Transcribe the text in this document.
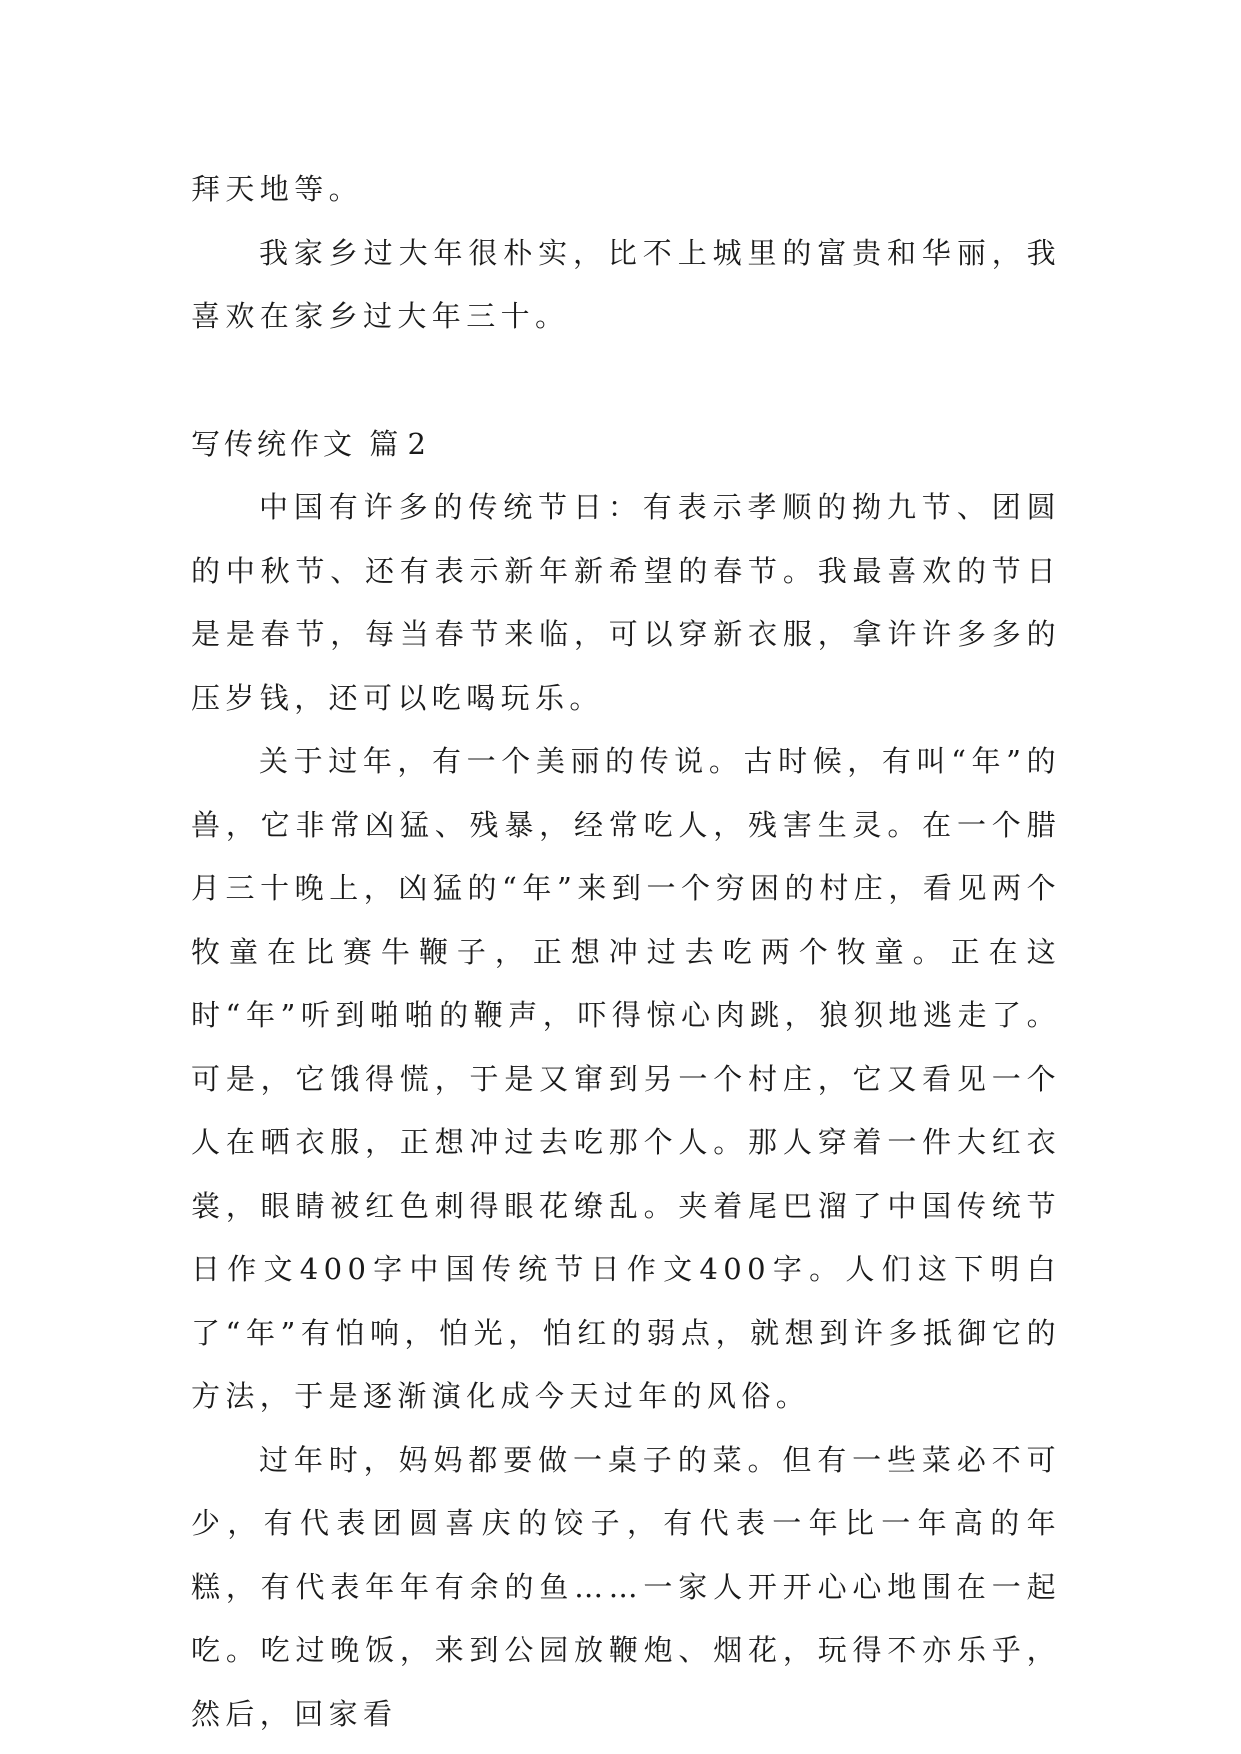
拜天地等。

我家乡过大年很朴实，比不上城里的富贵和华丽，我喜欢在家乡过大年三十。

写传统作文 篇 2

中国有许多的传统节日：有表示孝顺的拗九节、团圆的中秋节、还有表示新年新希望的春节。我最喜欢的节日是是春节，每当春节来临，可以穿新衣服，拿许许多多的压岁钱，还可以吃喝玩乐。

关于过年，有一个美丽的传说。古时候，有叫“年”的兽，它非常凶猛、残暴，经常吃人，残害生灵。在一个腊月三十晚上，凶猛的“年”来到一个穷困的村庄，看见两个牧童在比赛牛鞭子，正想冲过去吃两个牧童。正在这时“年”听到啪啪的鞭声，吓得惊心肉跳，狼狈地逃走了。可是，它饿得慌，于是又窜到另一个村庄，它又看见一个人在晒衣服，正想冲过去吃那个人。那人穿着一件大红衣裳，眼睛被红色刺得眼花缭乱。夹着尾巴溜了中国传统节日作文400字中国传统节日作文400字。人们这下明白了“年”有怕响，怕光，怕红的弱点，就想到许多抵御它的方法，于是逐渐演化成今天过年的风俗。

过年时，妈妈都要做一桌子的菜。但有一些菜必不可少，有代表团圆喜庆的饺子，有代表一年比一年高的年糕，有代表年年有余的鱼……一家人开开心心地围在一起吃。吃过晚饭，来到公园放鞭炮、烟花，玩得不亦乐乎，然后，回家看
